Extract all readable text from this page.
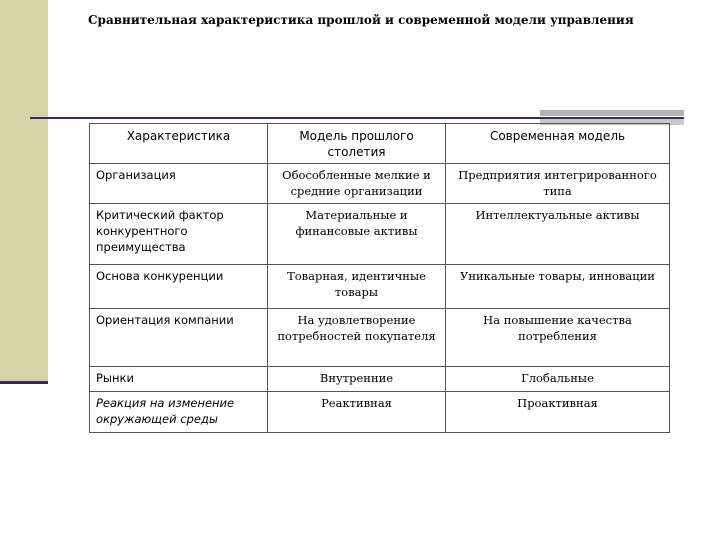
Сравнительная характеристика прошлой и современной модели управления
Характеристика	Модель прошлого столетия	Современная модель
Организация	Обособленные мелкие и средние организации	Предприятия интегрированного типа
Критический фактор конкурентного преимущества	Материальные и финансовые активы	Интеллектуальные активы
Основа конкуренции	Товарная, идентичные товары	Уникальные товары, инновации
Ориентация компании	На удовлетворение потребностей покупателя	На повышение качества потребления
Рынки	Внутренние	Глобальные
Реакция на изменение окружающей среды	Реактивная	Проактивная
